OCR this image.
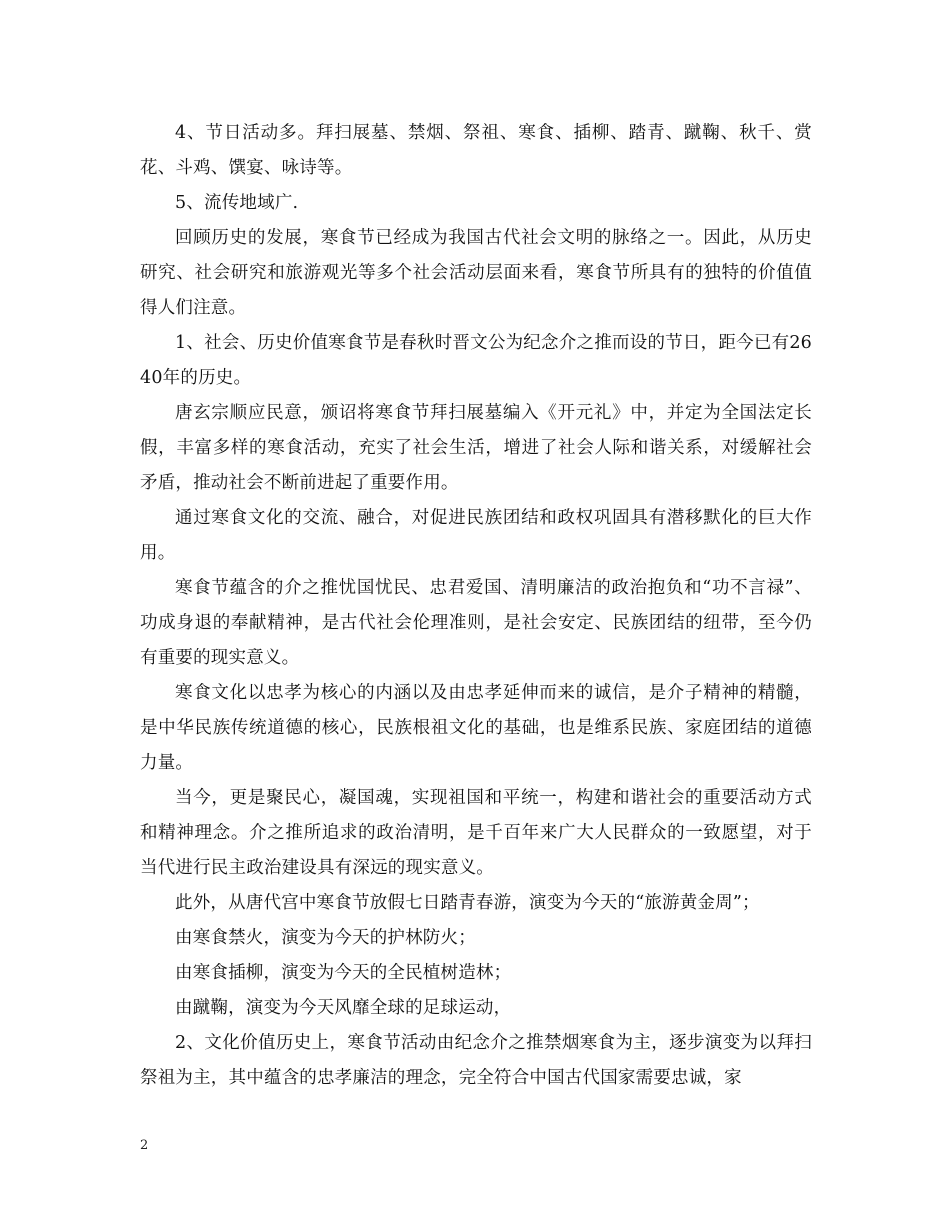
4、节日活动多。拜扫展墓、禁烟、祭祖、寒食、插柳、踏青、蹴鞠、秋千、赏花、斗鸡、馔宴、咏诗等。

5、流传地域广.

回顾历史的发展，寒食节已经成为我国古代社会文明的脉络之一。因此，从历史研究、社会研究和旅游观光等多个社会活动层面来看，寒食节所具有的独特的价值值得人们注意。

1、社会、历史价值寒食节是春秋时晋文公为纪念介之推而设的节日，距今已有2640年的历史。

唐玄宗顺应民意，颁诏将寒食节拜扫展墓编入《开元礼》中，并定为全国法定长假，丰富多样的寒食活动，充实了社会生活，增进了社会人际和谐关系，对缓解社会矛盾，推动社会不断前进起了重要作用。

通过寒食文化的交流、融合，对促进民族团结和政权巩固具有潜移默化的巨大作用。

寒食节蕴含的介之推忧国忧民、忠君爱国、清明廉洁的政治抱负和“功不言禄”、功成身退的奉献精神，是古代社会伦理准则，是社会安定、民族团结的纽带，至今仍有重要的现实意义。

寒食文化以忠孝为核心的内涵以及由忠孝延伸而来的诚信，是介子精神的精髓，是中华民族传统道德的核心，民族根祖文化的基础，也是维系民族、家庭团结的道德力量。

当今，更是聚民心，凝国魂，实现祖国和平统一，构建和谐社会的重要活动方式和精神理念。介之推所追求的政治清明，是千百年来广大人民群众的一致愿望，对于当代进行民主政治建设具有深远的现实意义。

此外，从唐代宫中寒食节放假七日踏青春游，演变为今天的“旅游黄金周”；

由寒食禁火，演变为今天的护林防火；

由寒食插柳，演变为今天的全民植树造林；

由蹴鞠，演变为今天风靡全球的足球运动，

2、文化价值历史上，寒食节活动由纪念介之推禁烟寒食为主，逐步演变为以拜扫祭祖为主，其中蕴含的忠孝廉洁的理念，完全符合中国古代国家需要忠诚，家

2
